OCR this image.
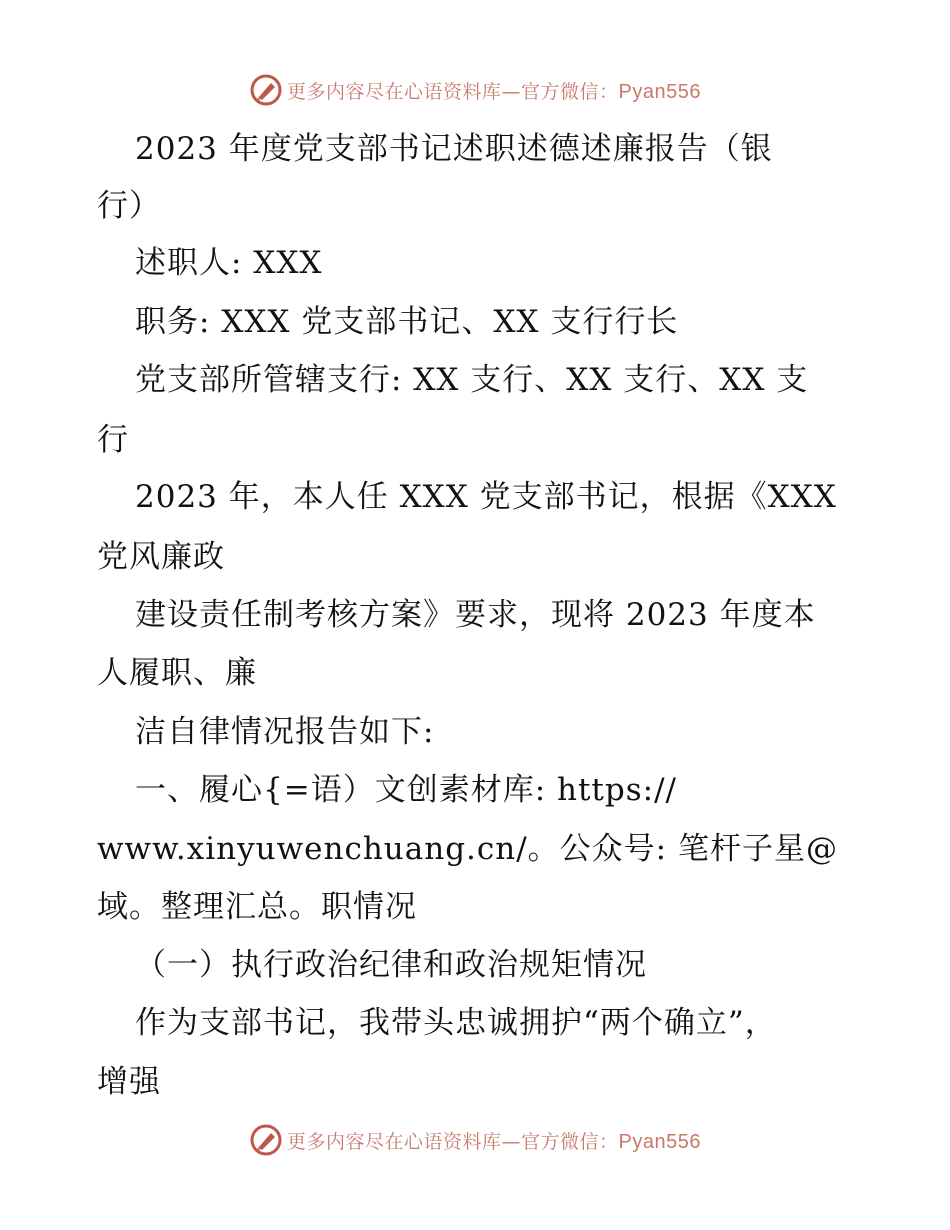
更多内容尽在心语资料库—官方微信：Pyan556
2023 年度党支部书记述职述德述廉报告（银
行）
述职人: XXX
职务: XXX 党支部书记、XX 支行行长
党支部所管辖支行: XX 支行、XX 支行、XX 支
行
2023 年，本人任 XXX 党支部书记，根据《XXX
党风廉政
建设责任制考核方案》要求，现将 2023 年度本
人履职、廉
洁自律情况报告如下:
一、履心{=语）文创素材库: https://
www.xinyuwenchuang.cn/。公众号: 笔杆子星@
域。整理汇总。职情况
（一）执行政治纪律和政治规矩情况
作为支部书记，我带头忠诚拥护“两个确立”，
增强
更多内容尽在心语资料库—官方微信：Pyan556
